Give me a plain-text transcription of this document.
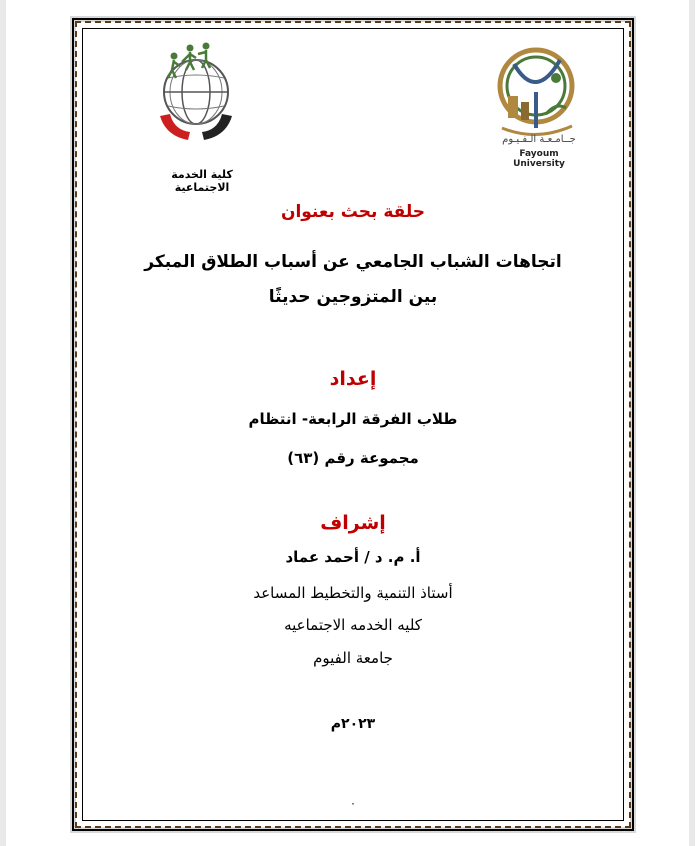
جــامـعـة الـفـيـوم
Fayoum University
كلية الخدمة الاجتماعية
حلقة بحث بعنوان
اتجاهات الشباب الجامعي عن أسباب الطلاق المبكر
بين المتزوجين حديثًا
إعداد
طلاب الفرقة الرابعة- انتظام
مجموعة رقم (٦٣)
إشراف
أ. م. د / أحمد عماد
أستاذ التنمية والتخطيط المساعد
كليه الخدمه الاجتماعيه
جامعة الفيوم
٢٠٢٣م
٠
